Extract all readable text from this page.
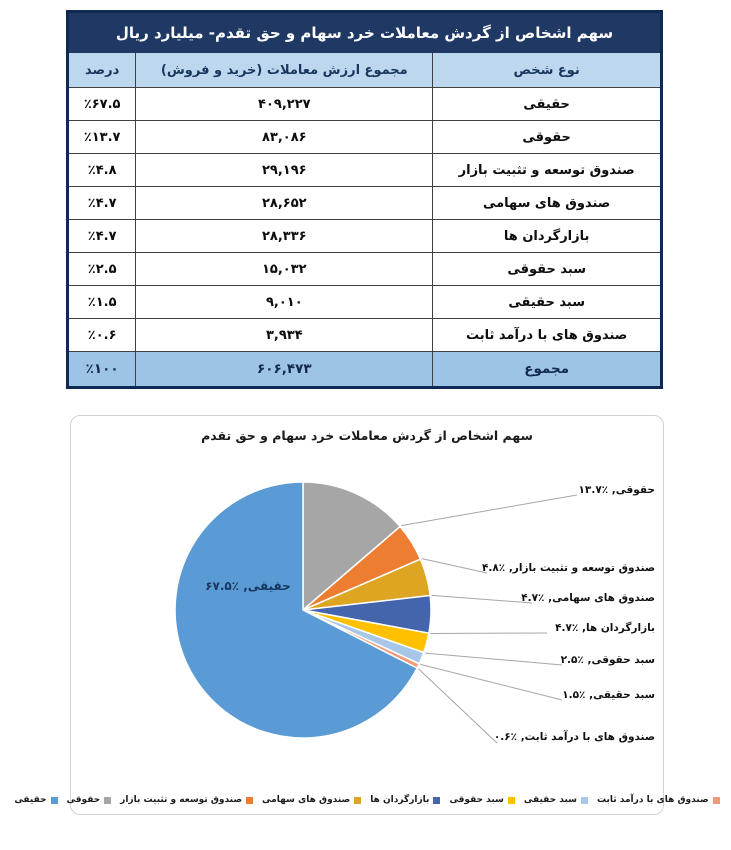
سهم اشخاص از گردش معاملات خرد سهام و حق تقدم- میلیارد ریال		
نوع شخص	مجموع ارزش معاملات (خرید و فروش)	درصد
حقیقی	۴۰۹,۲۲۷	٪۶۷.۵
حقوقی	۸۳,۰۸۶	٪۱۳.۷
صندوق توسعه و تثبیت بازار	۲۹,۱۹۶	٪۴.۸
صندوق های سهامی	۲۸,۶۵۲	٪۴.۷
بازارگردان ها	۲۸,۳۳۶	٪۴.۷
سبد حقوقی	۱۵,۰۳۲	٪۲.۵
سبد حقیقی	۹,۰۱۰	٪۱.۵
صندوق های با درآمد ثابت	۳,۹۳۴	٪۰.۶
مجموع	۶۰۶,۴۷۳	٪۱۰۰
سهم اشخاص از گردش معاملات خرد سهام و حق تقدم
حقیقی, ٪۶۷.۵
حقوقی, ٪۱۳.۷
صندوق توسعه و تثبیت بازار, ٪۴.۸
صندوق های سهامی, ٪۴.۷
بازارگردان ها, ٪۴.۷
سبد حقوقی, ٪۲.۵
سبد حقیقی, ٪۱.۵
صندوق های با درآمد ثابت, ٪۰.۶
حقیقی حقوقی صندوق توسعه و تثبیت بازار صندوق های سهامی بازارگردان ها سبد حقوقی سبد حقیقی صندوق های با درآمد ثابت
